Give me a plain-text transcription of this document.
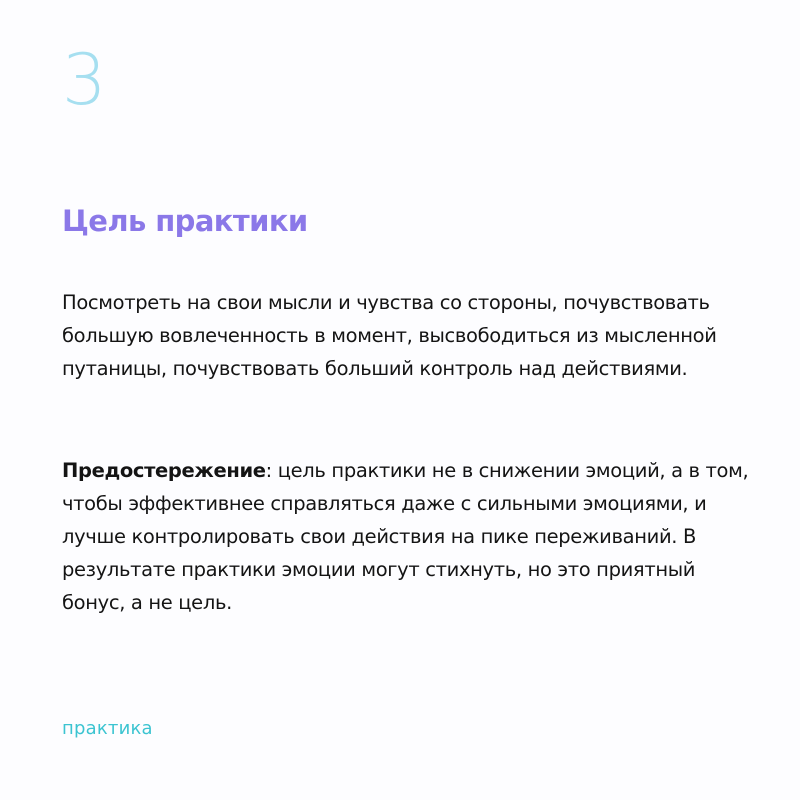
3
Цель практики

Посмотреть на свои мысли и чувства со стороны, почувствовать большую вовлеченность в момент, высвободиться из мысленной путаницы, почувствовать больший контроль над действиями.

Предостережение: цель практики не в снижении эмоций, а в том, чтобы эффективнее справляться даже с сильными эмоциями, и лучше контролировать свои действия на пике переживаний. В результате практики эмоции могут стихнуть, но это приятный бонус, а не цель.

практика
